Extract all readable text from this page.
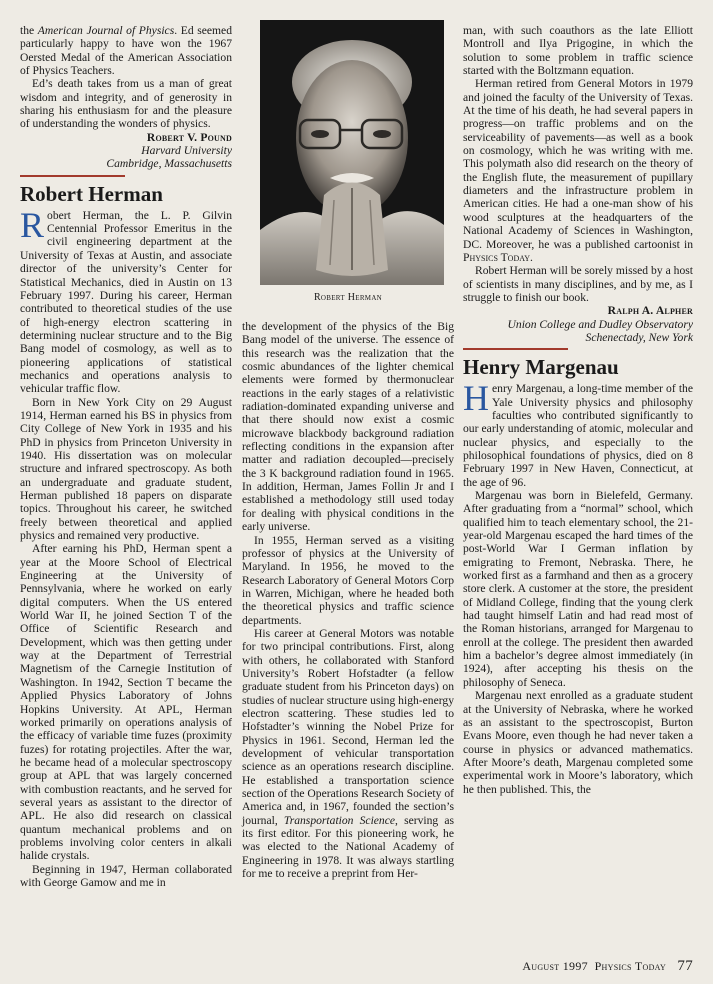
the American Journal of Physics. Ed seemed particularly happy to have won the 1967 Oersted Medal of the American Association of Physics Teachers.

Ed’s death takes from us a man of great wisdom and integrity, and of generosity in sharing his enthusiasm for and the pleasure of understanding the wonders of physics.

Robert V. Pound

Harvard University

Cambridge, Massachusetts

Robert Herman

Robert Herman, the L. P. Gilvin Centennial Professor Emeritus in the civil engineering department at the University of Texas at Austin, and associate director of the university’s Center for Statistical Mechanics, died in Austin on 13 February 1997. During his career, Herman contributed to theoretical studies of the use of high-energy electron scattering in determining nuclear structure and to the Big Bang model of cosmology, as well as to pioneering applications of statistical mechanics and operations analysis to vehicular traffic flow.

Born in New York City on 29 August 1914, Herman earned his BS in physics from City College of New York in 1935 and his PhD in physics from Princeton University in 1940. His dissertation was on molecular structure and infrared spectroscopy. As both an undergraduate and graduate student, Herman published 18 papers on disparate topics. Throughout his career, he switched freely between theoretical and applied physics and remained very productive.

After earning his PhD, Herman spent a year at the Moore School of Electrical Engineering at the University of Pennsylvania, where he worked on early digital computers. When the US entered World War II, he joined Section T of the Office of Scientific Research and Development, which was then getting under way at the Department of Terrestrial Magnetism of the Carnegie Institution of Washington. In 1942, Section T became the Applied Physics Laboratory of Johns Hopkins University. At APL, Herman worked primarily on operations analysis of the efficacy of variable time fuzes (proximity fuzes) for rotating projectiles. After the war, he became head of a molecular spectroscopy group at APL that was largely concerned with combustion reactants, and he served for several years as assistant to the director of APL. He also did research on classical quantum mechanical problems and on problems involving color centers in alkali halide crystals.

Beginning in 1947, Herman collaborated with George Gamow and me in

Robert Herman

the development of the physics of the Big Bang model of the universe. The essence of this research was the realization that the cosmic abundances of the lighter chemical elements were formed by thermonuclear reactions in the early stages of a relativistic radiation-dominated expanding universe and that there should now exist a cosmic microwave blackbody background radiation reflecting conditions in the expansion after matter and radiation decoupled—precisely the 3 K background radiation found in 1965. In addition, Herman, James Follin Jr and I established a methodology still used today for dealing with physical conditions in the early universe.

In 1955, Herman served as a visiting professor of physics at the University of Maryland. In 1956, he moved to the Research Laboratory of General Motors Corp in Warren, Michigan, where he headed both the theoretical physics and traffic science departments.

His career at General Motors was notable for two principal contributions. First, along with others, he collaborated with Stanford University’s Robert Hofstadter (a fellow graduate student from his Princeton days) on studies of nuclear structure using high-energy electron scattering. These studies led to Hofstadter’s winning the Nobel Prize for Physics in 1961. Second, Herman led the development of vehicular transportation science as an operations research discipline. He established a transportation science section of the Operations Research Society of America and, in 1967, founded the section’s journal, Transportation Science, serving as its first editor. For this pioneering work, he was elected to the National Academy of Engineering in 1978. It was always startling for me to receive a preprint from Her-

man, with such coauthors as the late Elliott Montroll and Ilya Prigogine, in which the solution to some problem in traffic science started with the Boltzmann equation.

Herman retired from General Motors in 1979 and joined the faculty of the University of Texas. At the time of his death, he had several papers in progress—on traffic problems and on the serviceability of pavements—as well as a book on cosmology, which he was writing with me. This polymath also did research on the theory of the English flute, the measurement of pupillary diameters and the infrastructure problem in American cities. He had a one-man show of his wood sculptures at the headquarters of the National Academy of Sciences in Washington, DC. Moreover, he was a published cartoonist in Physics Today.

Robert Herman will be sorely missed by a host of scientists in many disciplines, and by me, as I struggle to finish our book.

Ralph A. Alpher

Union College and Dudley Observatory

Schenectady, New York

Henry Margenau

Henry Margenau, a long-time member of the Yale University physics and philosophy faculties who contributed significantly to our early understanding of atomic, molecular and nuclear physics, and especially to the philosophical foundations of physics, died on 8 February 1997 in New Haven, Connecticut, at the age of 96.

Margenau was born in Bielefeld, Germany. After graduating from a “normal” school, which qualified him to teach elementary school, the 21-year-old Margenau escaped the hard times of the post-World War I German inflation by emigrating to Fremont, Nebraska. There, he worked first as a farmhand and then as a grocery store clerk. A customer at the store, the president of Midland College, finding that the young clerk had taught himself Latin and had read most of the Roman historians, arranged for Margenau to enroll at the college. The president then awarded him a bachelor’s degree almost immediately (in 1924), after accepting his thesis on the philosophy of Seneca.

Margenau next enrolled as a graduate student at the University of Nebraska, where he worked as an assistant to the spectroscopist, Burton Evans Moore, even though he had never taken a course in physics or advanced mathematics. After Moore’s death, Margenau completed some experimental work in Moore’s laboratory, which he then published. This, the

August 1997 Physics Today 77
